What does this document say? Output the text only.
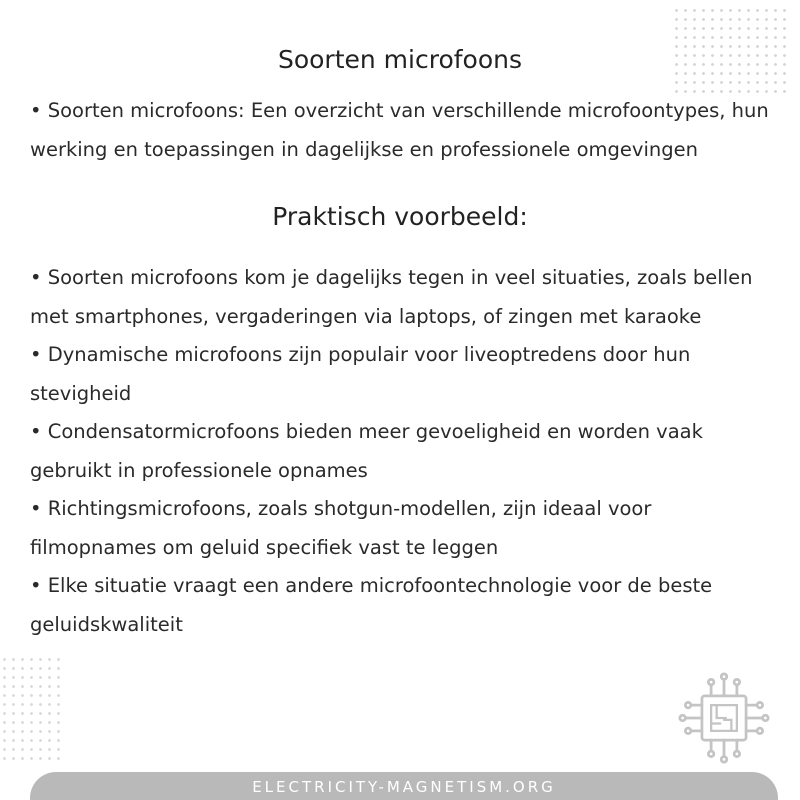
Soorten microfoons

• Soorten microfoons: Een overzicht van verschillende microfoontypes, hun werking en toepassingen in dagelijkse en professionele omgevingen

Praktisch voorbeeld:

• Soorten microfoons kom je dagelijks tegen in veel situaties, zoals bellen met smartphones, vergaderingen via laptops, of zingen met karaoke

• Dynamische microfoons zijn populair voor liveoptredens door hun stevigheid

• Condensatormicrofoons bieden meer gevoeligheid en worden vaak gebruikt in professionele opnames

• Richtingsmicrofoons, zoals shotgun-modellen, zijn ideaal voor filmopnames om geluid specifiek vast te leggen

• Elke situatie vraagt een andere microfoontechnologie voor de beste geluidskwaliteit

ELECTRICITY-MAGNETISM.ORG
